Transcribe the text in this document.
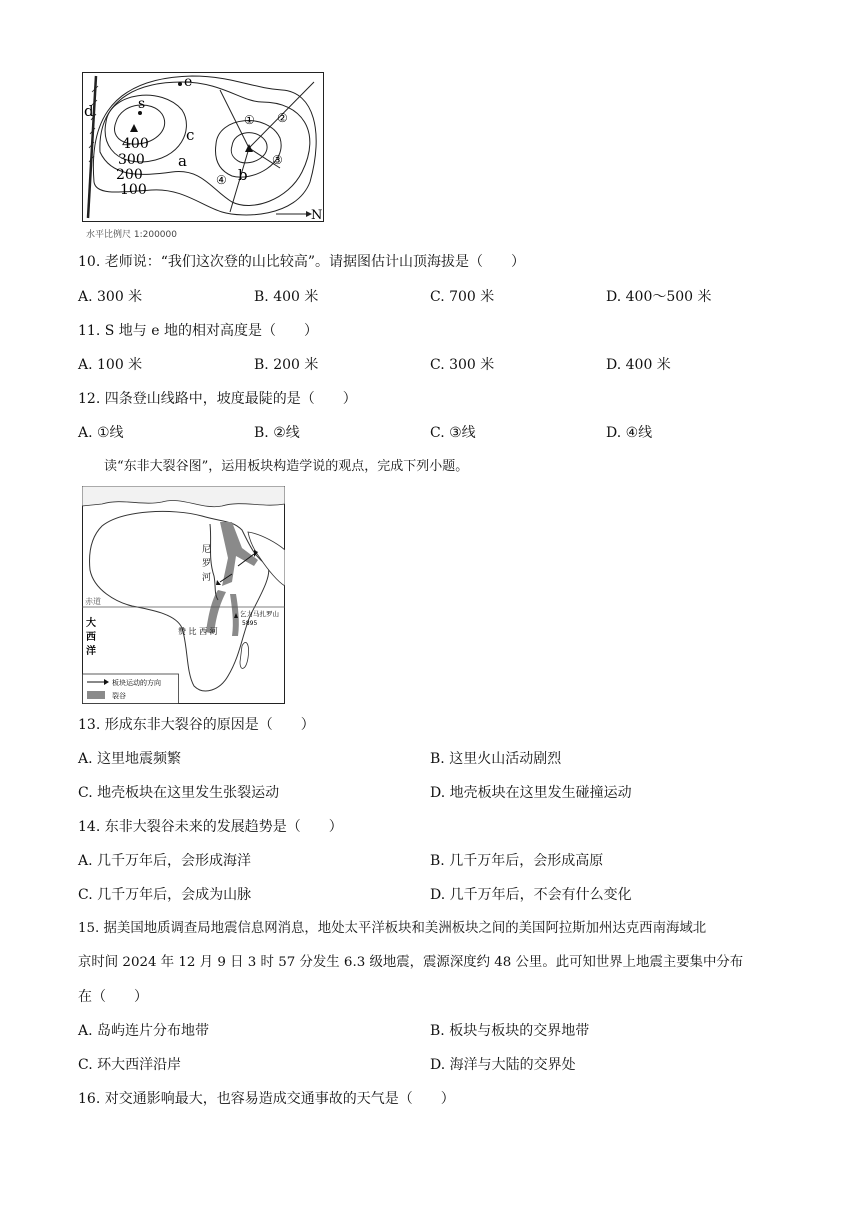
d	s
e
c
a
b
400
300
200
100
① ②
③
④
N
水平比例尺 1:200000
10. 老师说：“我们这次登的山比较高”。请据图估计山顶海拔是（　　）
A. 300 米	B. 400 米	C. 700 米	D. 400～500 米
11. S 地与 e 地的相对高度是（　　）
A. 100 米	B. 200 米	C. 300 米	D. 400 米
12. 四条登山线路中，坡度最陡的是（　　）
A. ①线	B. ②线	C. ③线	D. ④线
读“东非大裂谷图”，运用板块构造学说的观点，完成下列小题。
尼
罗
河
赤道
大
西
洋
乞力马扎罗山
5895
赞 比 西 河
板块运动的方向
裂谷
13. 形成东非大裂谷的原因是（　　）
A. 这里地震频繁	B. 这里火山活动剧烈
C. 地壳板块在这里发生张裂运动	D. 地壳板块在这里发生碰撞运动
14. 东非大裂谷未来的发展趋势是（　　）
A. 几千万年后，会形成海洋	B. 几千万年后，会形成高原
C. 几千万年后，会成为山脉	D. 几千万年后，不会有什么变化
15. 据美国地质调查局地震信息网消息，地处太平洋板块和美洲板块之间的美国阿拉斯加州达克西南海域北
京时间 2024 年 12 月 9 日 3 时 57 分发生 6.3 级地震，震源深度约 48 公里。此可知世界上地震主要集中分布
在（　　）
A. 岛屿连片分布地带	B. 板块与板块的交界地带
C. 环大西洋沿岸	D. 海洋与大陆的交界处
16. 对交通影响最大，也容易造成交通事故的天气是（　　）
